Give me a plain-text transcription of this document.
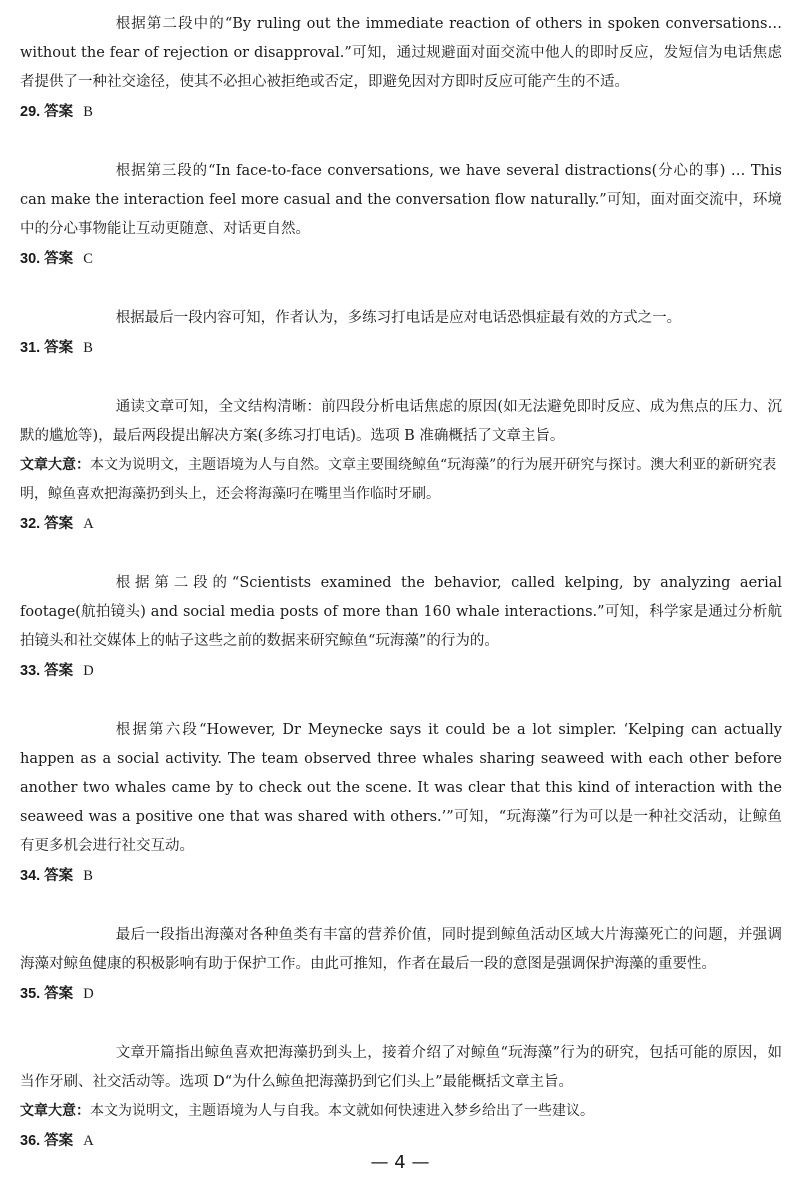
根据第二段中的“By ruling out the immediate reaction of others in spoken conversations…without the fear of rejection or disapproval.”可知，通过规避面对面交流中他人的即时反应，发短信为电话焦虑者提供了一种社交途径，使其不必担心被拒绝或否定，即避免因对方即时反应可能产生的不适。

29. 答案 B

根据第三段的“In face-to-face conversations, we have several distractions(分心的事) … This can make the interaction feel more casual and the conversation flow naturally.”可知，面对面交流中，环境中的分心事物能让互动更随意、对话更自然。

30. 答案 C

根据最后一段内容可知，作者认为，多练习打电话是应对电话恐惧症最有效的方式之一。

31. 答案 B

通读文章可知，全文结构清晰：前四段分析电话焦虑的原因(如无法避免即时反应、成为焦点的压力、沉默的尴尬等)，最后两段提出解决方案(多练习打电话)。选项 B 准确概括了文章主旨。

文章大意：本文为说明文，主题语境为人与自然。文章主要围绕鲸鱼“玩海藻”的行为展开研究与探讨。澳大利亚的新研究表明，鲸鱼喜欢把海藻扔到头上，还会将海藻叼在嘴里当作临时牙刷。

32. 答案 A

根据第二段的“Scientists examined the behavior, called kelping, by analyzing aerial footage(航拍镜头) and social media posts of more than 160 whale interactions.”可知，科学家是通过分析航拍镜头和社交媒体上的帖子这些之前的数据来研究鲸鱼“玩海藻”的行为的。

33. 答案 D

根据第六段“However, Dr Meynecke says it could be a lot simpler. ‘Kelping can actually happen as a social activity. The team observed three whales sharing seaweed with each other before another two whales came by to check out the scene. It was clear that this kind of interaction with the seaweed was a positive one that was shared with others.’”可知，“玩海藻”行为可以是一种社交活动，让鲸鱼有更多机会进行社交互动。

34. 答案 B

最后一段指出海藻对各种鱼类有丰富的营养价值，同时提到鲸鱼活动区域大片海藻死亡的问题，并强调海藻对鲸鱼健康的积极影响有助于保护工作。由此可推知，作者在最后一段的意图是强调保护海藻的重要性。

35. 答案 D

文章开篇指出鲸鱼喜欢把海藻扔到头上，接着介绍了对鲸鱼“玩海藻”行为的研究，包括可能的原因，如当作牙刷、社交活动等。选项 D“为什么鲸鱼把海藻扔到它们头上”最能概括文章主旨。

文章大意：本文为说明文，主题语境为人与自我。本文就如何快速进入梦乡给出了一些建议。

36. 答案 A

— 4 —
